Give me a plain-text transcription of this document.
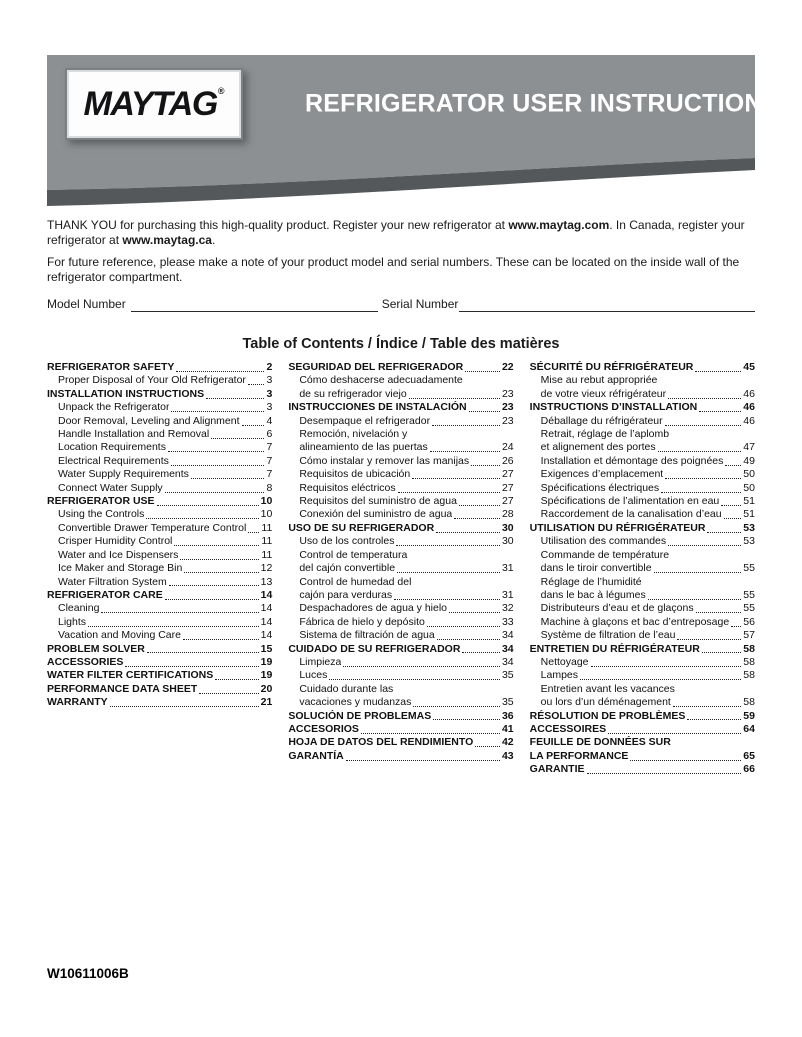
MAYTAG ®	REFRIGERATOR USER INSTRUCTIONS

THANK YOU for purchasing this high-quality product. Register your new refrigerator at www.maytag.com. In Canada, register your refrigerator at www.maytag.ca.

For future reference, please make a note of your product model and serial numbers. These can be located on the inside wall of the refrigerator compartment.

Model Number	Serial Number
Table of Contents / Índice / Table des matières
REFRIGERATOR SAFETY	2
Proper Disposal of Your Old Refrigerator 3
INSTALLATION INSTRUCTIONS	3
Unpack the Refrigerator	3
Door Removal, Leveling and Alignment	4
Handle Installation and Removal	6
Location Requirements	7
Electrical Requirements	7
Water Supply Requirements	7
Connect Water Supply	8
REFRIGERATOR USE	10
Using the Controls	10
Convertible Drawer Temperature Control 11
Crisper Humidity Control	11
Water and Ice Dispensers	11
Ice Maker and Storage Bin	12
Water Filtration System	13
REFRIGERATOR CARE	14
Cleaning	14
Lights	14
Vacation and Moving Care	14
PROBLEM SOLVER	15
ACCESSORIES	19
WATER FILTER CERTIFICATIONS	19
PERFORMANCE DATA SHEET	20
WARRANTY	21
SEGURIDAD DEL REFRIGERADOR	22
Cómo deshacerse adecuadamente
de su refrigerador viejo	23
INSTRUCCIONES DE INSTALACIÓN	23
Desempaque el refrigerador	23
Remoción, nivelación y
alineamiento de las puertas	24
Cómo instalar y remover las manijas	26
Requisitos de ubicación	27
Requisitos eléctricos	27
Requisitos del suministro de agua	27
Conexión del suministro de agua	28
USO DE SU REFRIGERADOR	30
Uso de los controles	30
Control de temperatura
del cajón convertible	31
Control de humedad del
cajón para verduras	31
Despachadores de agua y hielo	32
Fábrica de hielo y depósito	33
Sistema de filtración de agua	34
CUIDADO DE SU REFRIGERADOR	34
Limpieza	34
Luces	35
Cuidado durante las
vacaciones y mudanzas	35
SOLUCIÓN DE PROBLEMAS	36
ACCESORIOS	41
HOJA DE DATOS DEL RENDIMIENTO	42
GARANTÍA	43
SÉCURITÉ DU RÉFRIGÉRATEUR	45
Mise au rebut appropriée
de votre vieux réfrigérateur	46
INSTRUCTIONS D’INSTALLATION	46
Déballage du réfrigérateur	46
Retrait, réglage de l’aplomb
et alignement des portes	47
Installation et démontage des poignées 49
Exigences d’emplacement	50
Spécifications électriques	50
Spécifications de l’alimentation en eau 51
Raccordement de la canalisation d’eau 51
UTILISATION DU RÉFRIGÉRATEUR	53
Utilisation des commandes	53
Commande de température
dans le tiroir convertible	55
Réglage de l’humidité
dans le bac à légumes	55
Distributeurs d’eau et de glaçons	55
Machine à glaçons et bac d’entreposage 56
Système de filtration de l’eau	57
ENTRETIEN DU RÉFRIGÉRATEUR	58
Nettoyage	58
Lampes	58
Entretien avant les vacances
ou lors d’un déménagement	58
RÉSOLUTION DE PROBLÈMES	59
ACCESSOIRES	64
FEUILLE DE DONNÉES SUR
LA PERFORMANCE	65
GARANTIE	66
W10611006B
